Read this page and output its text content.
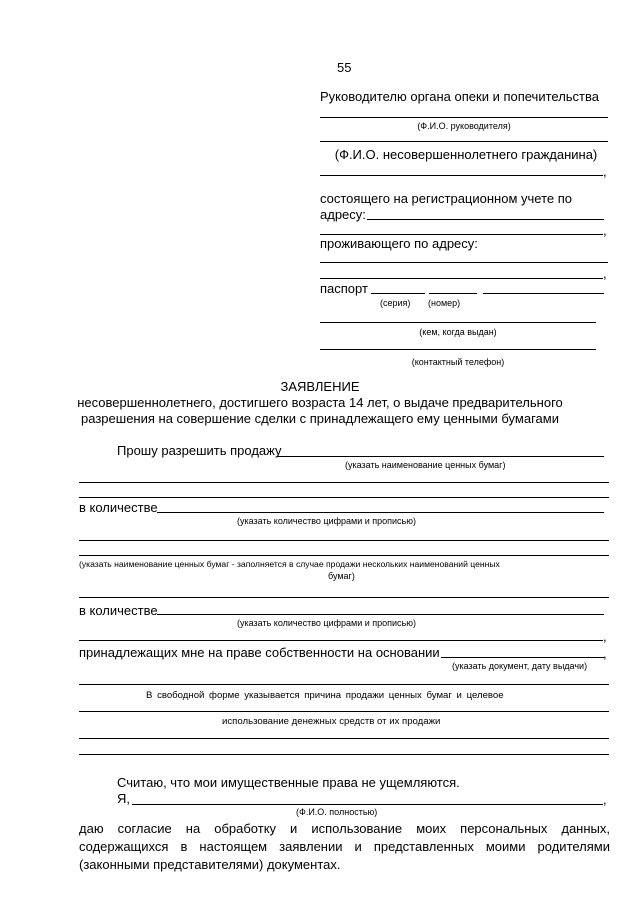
55
Руководителю органа опеки и попечительства
(Ф.И.О. руководителя)
(Ф.И.О. несовершеннолетнего гражданина)
,
состоящего на регистрационном учете по
адресу:
,
проживающего по адресу:
,
паспорт
(серия) (номер)
(кем, когда выдан)
(контактный телефон)
ЗАЯВЛЕНИЕ
несовершеннолетнего, достигшего возраста 14 лет, о выдаче предварительного
разрешения на совершение сделки с принадлежащего ему ценными бумагами
Прошу разрешить продажу
(указать наименование ценных бумаг)
в количестве
(указать количество цифрами и прописью)
(указать наименование ценных бумаг - заполняется в случае продажи нескольких наименований ценных
бумаг)
в количестве
(указать количество цифрами и прописью)
,
принадлежащих мне на праве собственности на основании	,
(указать документ, дату выдачи)
В свободной форме указывается причина продажи ценных бумаг и целевое
использование денежных средств от их продажи
Считаю, что мои имущественные права не ущемляются.
Я,	,
(Ф.И.О. полностью)
даю согласие на обработку и использование моих персональных данных, содержащихся в настоящем заявлении и представленных моими родителями (законными представителями) документах.
